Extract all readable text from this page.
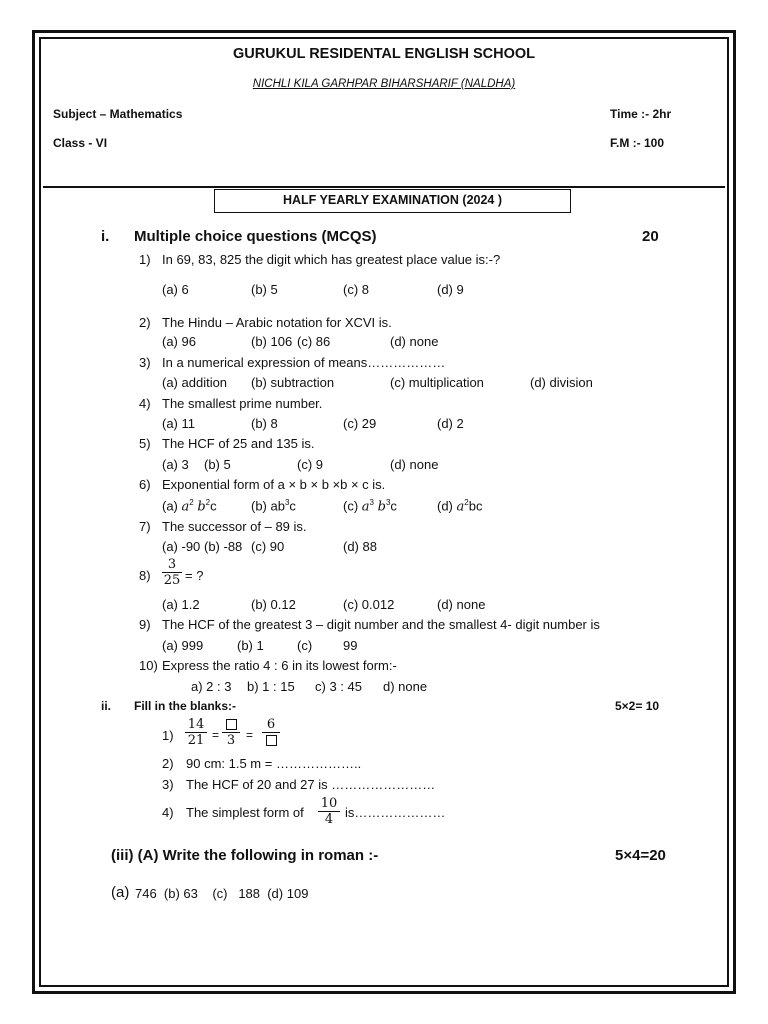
GURUKUL RESIDENTAL ENGLISH SCHOOL
NICHLI KILA GARHPAR BIHARSHARIF (NALDHA)
Subject – Mathematics	Time :- 2hr
Class - VI	F.M :- 100
HALF YEARLY EXAMINATION (2024 )
i. Multiple choice questions (MCQS)	20
1) In 69, 83, 825 the digit which has greatest place value is:-?
(a) 6	(b) 5	(c) 8	(d) 9
2) The Hindu – Arabic notation for XCVI is.
(a) 96	(b) 106 (c) 86	(d) none
3) In a numerical expression of means………………
(a) addition (b) subtraction	(c) multiplication	(d) division
4) The smallest prime number.
(a) 11	(b) 8	(c) 29	(d) 2
5) The HCF of 25 and 135 is.
(a) 3 (b) 5	(c) 9	(d) none
6) Exponential form of a × b × b ×b × c is.
(a) $a^2$ $b^2c$	(b) $ab^3c$	(c) $a^3$ $b^3c$	(d) $a^2bc$
7) The successor of – 89 is.
(a) -90 (b) -88 (c) 90	(d) 88
8)
3
25 = ?
(a) 1.2	(b) 0.12	(c) 0.012	(d) none
9) The HCF of the greatest 3 – digit number and the smallest 4- digit number is
(a) 999	(b) 1	(c) 99
10) Express the ratio 4 : 6 in its lowest form:-
a) 2 : 3 b) 1 : 15 c) 3 : 45 d) none
ii. Fill in the blanks:-	5×2= 10
1)
14
21 = 3 =
6
2) 90 cm: 1.5 m = ………………..
3) The HCF of 20 and 27 is ……………………
4) The simplest form of
10
4 is…………………
(iii) (A) Write the following in roman :-	5×4=20
(a) 746  (b) 63    (c)   188  (d) 109
